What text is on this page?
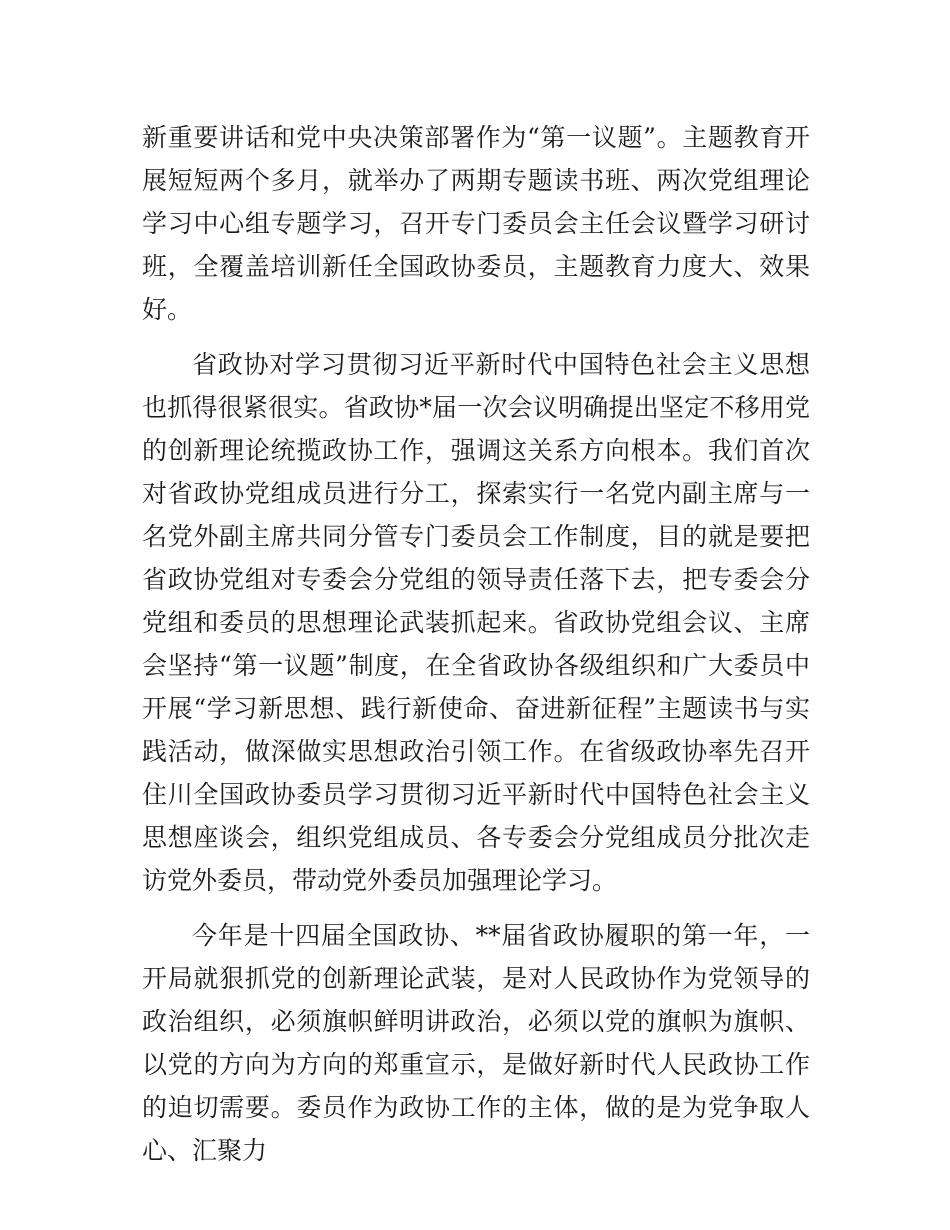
新重要讲话和党中央决策部署作为“第一议题”。主题教育开展短短两个多月，就举办了两期专题读书班、两次党组理论学习中心组专题学习，召开专门委员会主任会议暨学习研讨班，全覆盖培训新任全国政协委员，主题教育力度大、效果好。

省政协对学习贯彻习近平新时代中国特色社会主义思想也抓得很紧很实。省政协*届一次会议明确提出坚定不移用党的创新理论统揽政协工作，强调这关系方向根本。我们首次对省政协党组成员进行分工，探索实行一名党内副主席与一名党外副主席共同分管专门委员会工作制度，目的就是要把省政协党组对专委会分党组的领导责任落下去，把专委会分党组和委员的思想理论武装抓起来。省政协党组会议、主席会坚持“第一议题”制度，在全省政协各级组织和广大委员中开展“学习新思想、践行新使命、奋进新征程”主题读书与实践活动，做深做实思想政治引领工作。在省级政协率先召开住川全国政协委员学习贯彻习近平新时代中国特色社会主义思想座谈会，组织党组成员、各专委会分党组成员分批次走访党外委员，带动党外委员加强理论学习。

今年是十四届全国政协、**届省政协履职的第一年，一开局就狠抓党的创新理论武装，是对人民政协作为党领导的政治组织，必须旗帜鲜明讲政治，必须以党的旗帜为旗帜、以党的方向为方向的郑重宣示，是做好新时代人民政协工作的迫切需要。委员作为政协工作的主体，做的是为党争取人心、汇聚力
